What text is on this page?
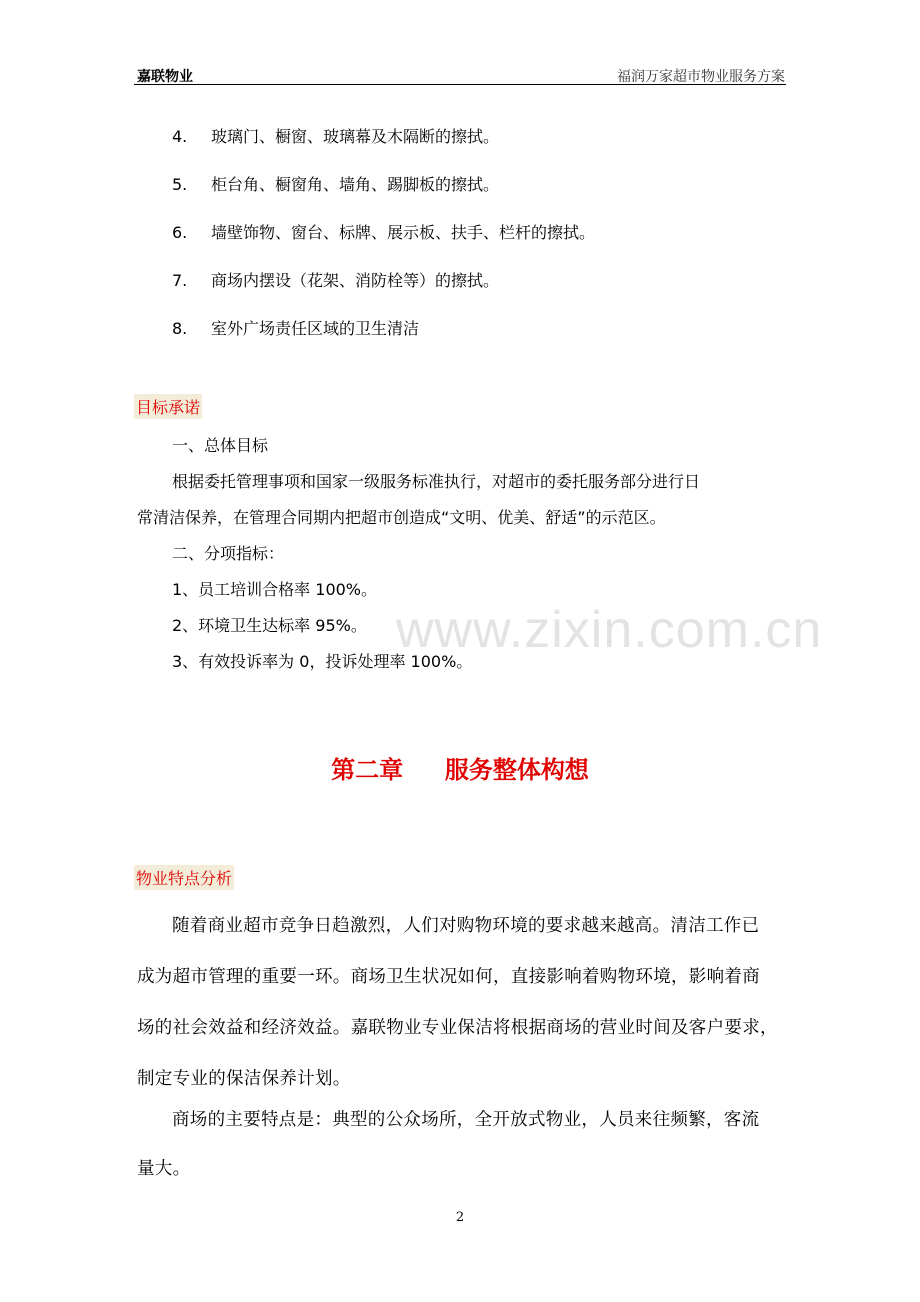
嘉联物业	福润万家超市物业服务方案
4. 玻璃门、橱窗、玻璃幕及木隔断的擦拭。
5. 柜台角、橱窗角、墙角、踢脚板的擦拭。
6. 墙壁饰物、窗台、标牌、展示板、扶手、栏杆的擦拭。
7. 商场内摆设（花架、消防栓等）的擦拭。
8. 室外广场责任区域的卫生清洁
目标承诺
一、总体目标
根据委托管理事项和国家一级服务标准执行，对超市的委托服务部分进行日
常清洁保养，在管理合同期内把超市创造成“文明、优美、舒适”的示范区。
二、分项指标：
1、员工培训合格率 100%。
2、环境卫生达标率 95%。
3、有效投诉率为 0，投诉处理率 100%。
www.zixin.com.cn
第二章 服务整体构想
物业特点分析
随着商业超市竞争日趋激烈，人们对购物环境的要求越来越高。清洁工作已
成为超市管理的重要一环。商场卫生状况如何，直接影响着购物环境，影响着商
场的社会效益和经济效益。嘉联物业专业保洁将根据商场的营业时间及客户要求，
制定专业的保洁保养计划。
商场的主要特点是：典型的公众场所，全开放式物业，人员来往频繁，客流
量大。
2
